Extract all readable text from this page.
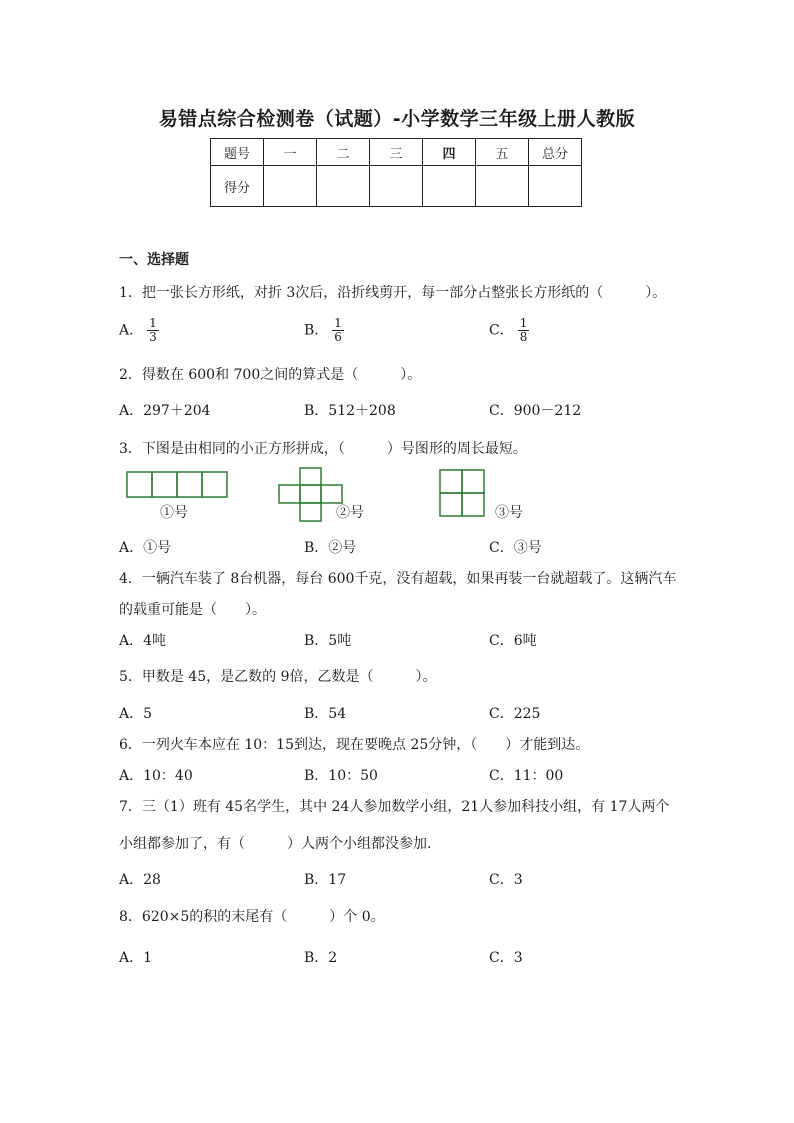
易错点综合检测卷（试题）-小学数学三年级上册人教版
题号	一	二	三	四	五	总分
得分						
一、选择题
1．把一张长方形纸，对折 3次后，沿折线剪开，每一部分占整张长方形纸的（　　　）。
A． $\frac{1}{3}$	B． $\frac{1}{6}$	C． $\frac{1}{8}$
2．得数在 600和 700之间的算式是（　　　）。
A．297＋204	B．512＋208	C．900－212
3．下图是由相同的小正方形拼成，（　　　）号图形的周长最短。
①号	②号	③号
A．①号	B．②号	C．③号
4．一辆汽车装了 8台机器，每台 600千克，没有超载，如果再装一台就超载了。这辆汽车
的载重可能是（　　）。
A．4吨	B．5吨	C．6吨
5．甲数是 45，是乙数的 9倍，乙数是（　　　）。
A．5	B．54	C．225
6．一列火车本应在 10：15到达，现在要晚点 25分钟，（　　）才能到达。
A．10：40	B．10：50	C．11：00
7．三（1）班有 45名学生，其中 24人参加数学小组，21人参加科技小组，有 17人两个
小组都参加了，有（　　　）人两个小组都没参加.
A．28	B．17	C．3
8．620×5的积的末尾有（　　　）个 0。
A．1	B．2	C．3
